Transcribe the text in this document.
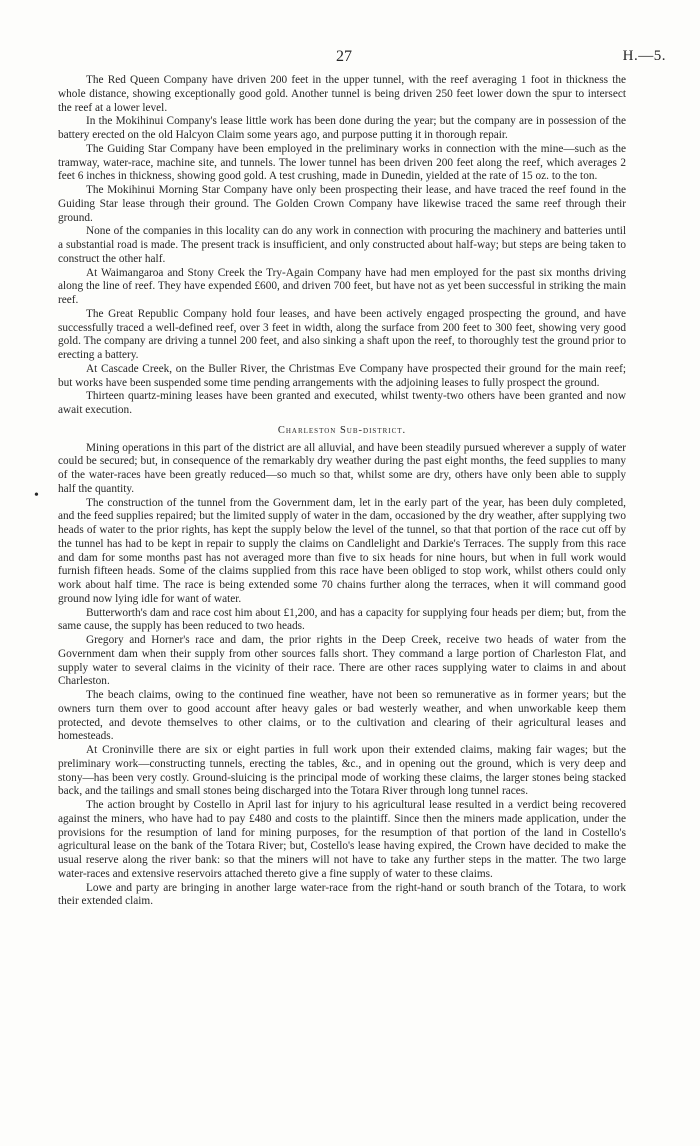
27	H.—5.
•

The Red Queen Company have driven 200 feet in the upper tunnel, with the reef averaging 1 foot in thickness the whole distance, showing exceptionally good gold. Another tunnel is being driven 250 feet lower down the spur to intersect the reef at a lower level.

In the Mokihinui Company's lease little work has been done during the year; but the company are in possession of the battery erected on the old Halcyon Claim some years ago, and purpose putting it in thorough repair.

The Guiding Star Company have been employed in the preliminary works in connection with the mine—such as the tramway, water-race, machine site, and tunnels. The lower tunnel has been driven 200 feet along the reef, which averages 2 feet 6 inches in thickness, showing good gold. A test crushing, made in Dunedin, yielded at the rate of 15 oz. to the ton.

The Mokihinui Morning Star Company have only been prospecting their lease, and have traced the reef found in the Guiding Star lease through their ground. The Golden Crown Company have likewise traced the same reef through their ground.

None of the companies in this locality can do any work in connection with procuring the machinery and batteries until a substantial road is made. The present track is insufficient, and only constructed about half-way; but steps are being taken to construct the other half.

At Waimangaroa and Stony Creek the Try-Again Company have had men employed for the past six months driving along the line of reef. They have expended £600, and driven 700 feet, but have not as yet been successful in striking the main reef.

The Great Republic Company hold four leases, and have been actively engaged prospecting the ground, and have successfully traced a well-defined reef, over 3 feet in width, along the surface from 200 feet to 300 feet, showing very good gold. The company are driving a tunnel 200 feet, and also sinking a shaft upon the reef, to thoroughly test the ground prior to erecting a battery.

At Cascade Creek, on the Buller River, the Christmas Eve Company have prospected their ground for the main reef; but works have been suspended some time pending arrangements with the adjoining leases to fully prospect the ground.

Thirteen quartz-mining leases have been granted and executed, whilst twenty-two others have been granted and now await execution.

Charleston Sub-district.

Mining operations in this part of the district are all alluvial, and have been steadily pursued wherever a supply of water could be secured; but, in consequence of the remarkably dry weather during the past eight months, the feed supplies to many of the water-races have been greatly reduced—so much so that, whilst some are dry, others have only been able to supply half the quantity.

The construction of the tunnel from the Government dam, let in the early part of the year, has been duly completed, and the feed supplies repaired; but the limited supply of water in the dam, occasioned by the dry weather, after supplying two heads of water to the prior rights, has kept the supply below the level of the tunnel, so that that portion of the race cut off by the tunnel has had to be kept in repair to supply the claims on Candlelight and Darkie's Terraces. The supply from this race and dam for some months past has not averaged more than five to six heads for nine hours, but when in full work would furnish fifteen heads. Some of the claims supplied from this race have been obliged to stop work, whilst others could only work about half time. The race is being extended some 70 chains further along the terraces, when it will command good ground now lying idle for want of water.

Butterworth's dam and race cost him about £1,200, and has a capacity for supplying four heads per diem; but, from the same cause, the supply has been reduced to two heads.

Gregory and Horner's race and dam, the prior rights in the Deep Creek, receive two heads of water from the Government dam when their supply from other sources falls short. They command a large portion of Charleston Flat, and supply water to several claims in the vicinity of their race. There are other races supplying water to claims in and about Charleston.

The beach claims, owing to the continued fine weather, have not been so remunerative as in former years; but the owners turn them over to good account after heavy gales or bad westerly weather, and when unworkable keep them protected, and devote themselves to other claims, or to the cultivation and clearing of their agricultural leases and homesteads.

At Croninville there are six or eight parties in full work upon their extended claims, making fair wages; but the preliminary work—constructing tunnels, erecting the tables, &c., and in opening out the ground, which is very deep and stony—has been very costly. Ground-sluicing is the principal mode of working these claims, the larger stones being stacked back, and the tailings and small stones being discharged into the Totara River through long tunnel races.

The action brought by Costello in April last for injury to his agricultural lease resulted in a verdict being recovered against the miners, who have had to pay £480 and costs to the plaintiff. Since then the miners made application, under the provisions for the resumption of land for mining purposes, for the resumption of that portion of the land in Costello's agricultural lease on the bank of the Totara River; but, Costello's lease having expired, the Crown have decided to make the usual reserve along the river bank: so that the miners will not have to take any further steps in the matter. The two large water-races and extensive reservoirs attached thereto give a fine supply of water to these claims.

Lowe and party are bringing in another large water-race from the right-hand or south branch of the Totara, to work their extended claim.
